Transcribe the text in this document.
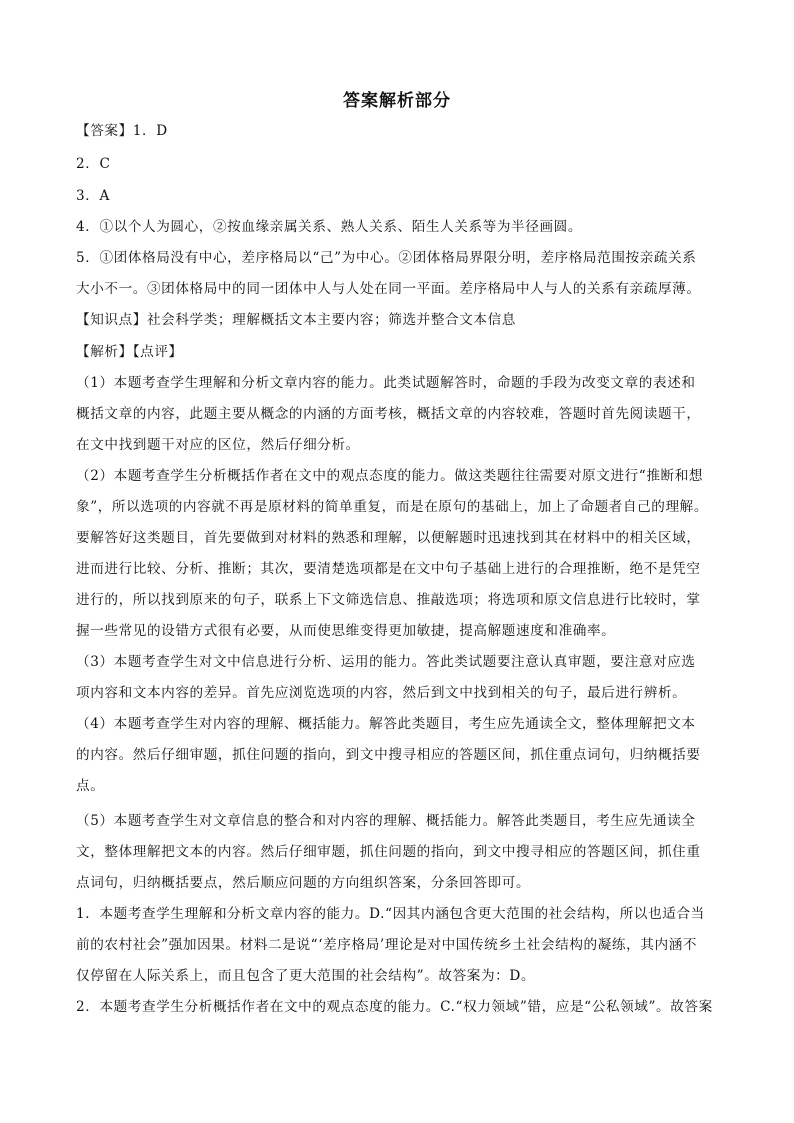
答案解析部分
【答案】1．D
2．C
3．A
4．①以个人为圆心，②按血缘亲属关系、熟人关系、陌生人关系等为半径画圆。
5．①团体格局没有中心，差序格局以“己”为中心。②团体格局界限分明，差序格局范围按亲疏关系
大小不一。③团体格局中的同一团体中人与人处在同一平面。差序格局中人与人的关系有亲疏厚薄。
【知识点】社会科学类；理解概括文本主要内容；筛选并整合文本信息
【解析】【点评】
（1）本题考查学生理解和分析文章内容的能力。此类试题解答时，命题的手段为改变文章的表述和
概括文章的内容，此题主要从概念的内涵的方面考核，概括文章的内容较难，答题时首先阅读题干，
在文中找到题干对应的区位，然后仔细分析。
（2）本题考查学生分析概括作者在文中的观点态度的能力。做这类题往往需要对原文进行“推断和想
象”，所以选项的内容就不再是原材料的简单重复，而是在原句的基础上，加上了命题者自己的理解。
要解答好这类题目，首先要做到对材料的熟悉和理解，以便解题时迅速找到其在材料中的相关区域，
进而进行比较、分析、推断；其次，要清楚选项都是在文中句子基础上进行的合理推断，绝不是凭空
进行的，所以找到原来的句子，联系上下文筛选信息、推敲选项；将选项和原文信息进行比较时，掌
握一些常见的设错方式很有必要，从而使思维变得更加敏捷，提高解题速度和准确率。
（3）本题考查学生对文中信息进行分析、运用的能力。答此类试题要注意认真审题，要注意对应选
项内容和文本内容的差异。首先应浏览选项的内容，然后到文中找到相关的句子，最后进行辨析。
（4）本题考查学生对内容的理解、概括能力。解答此类题目，考生应先通读全文，整体理解把文本
的内容。然后仔细审题，抓住问题的指向，到文中搜寻相应的答题区间，抓住重点词句，归纳概括要
点。
（5）本题考查学生对文章信息的整合和对内容的理解、概括能力。解答此类题目，考生应先通读全
文，整体理解把文本的内容。然后仔细审题，抓住问题的指向，到文中搜寻相应的答题区间，抓住重
点词句，归纳概括要点，然后顺应问题的方向组织答案，分条回答即可。
1．本题考查学生理解和分析文章内容的能力。D.“因其内涵包含更大范围的社会结构，所以也适合当
前的农村社会”强加因果。材料二是说“‘差序格局’理论是对中国传统乡土社会结构的凝练，其内涵不
仅停留在人际关系上，而且包含了更大范围的社会结构”。故答案为：D。
2．本题考查学生分析概括作者在文中的观点态度的能力。C.“权力领域”错，应是“公私领域”。故答案
